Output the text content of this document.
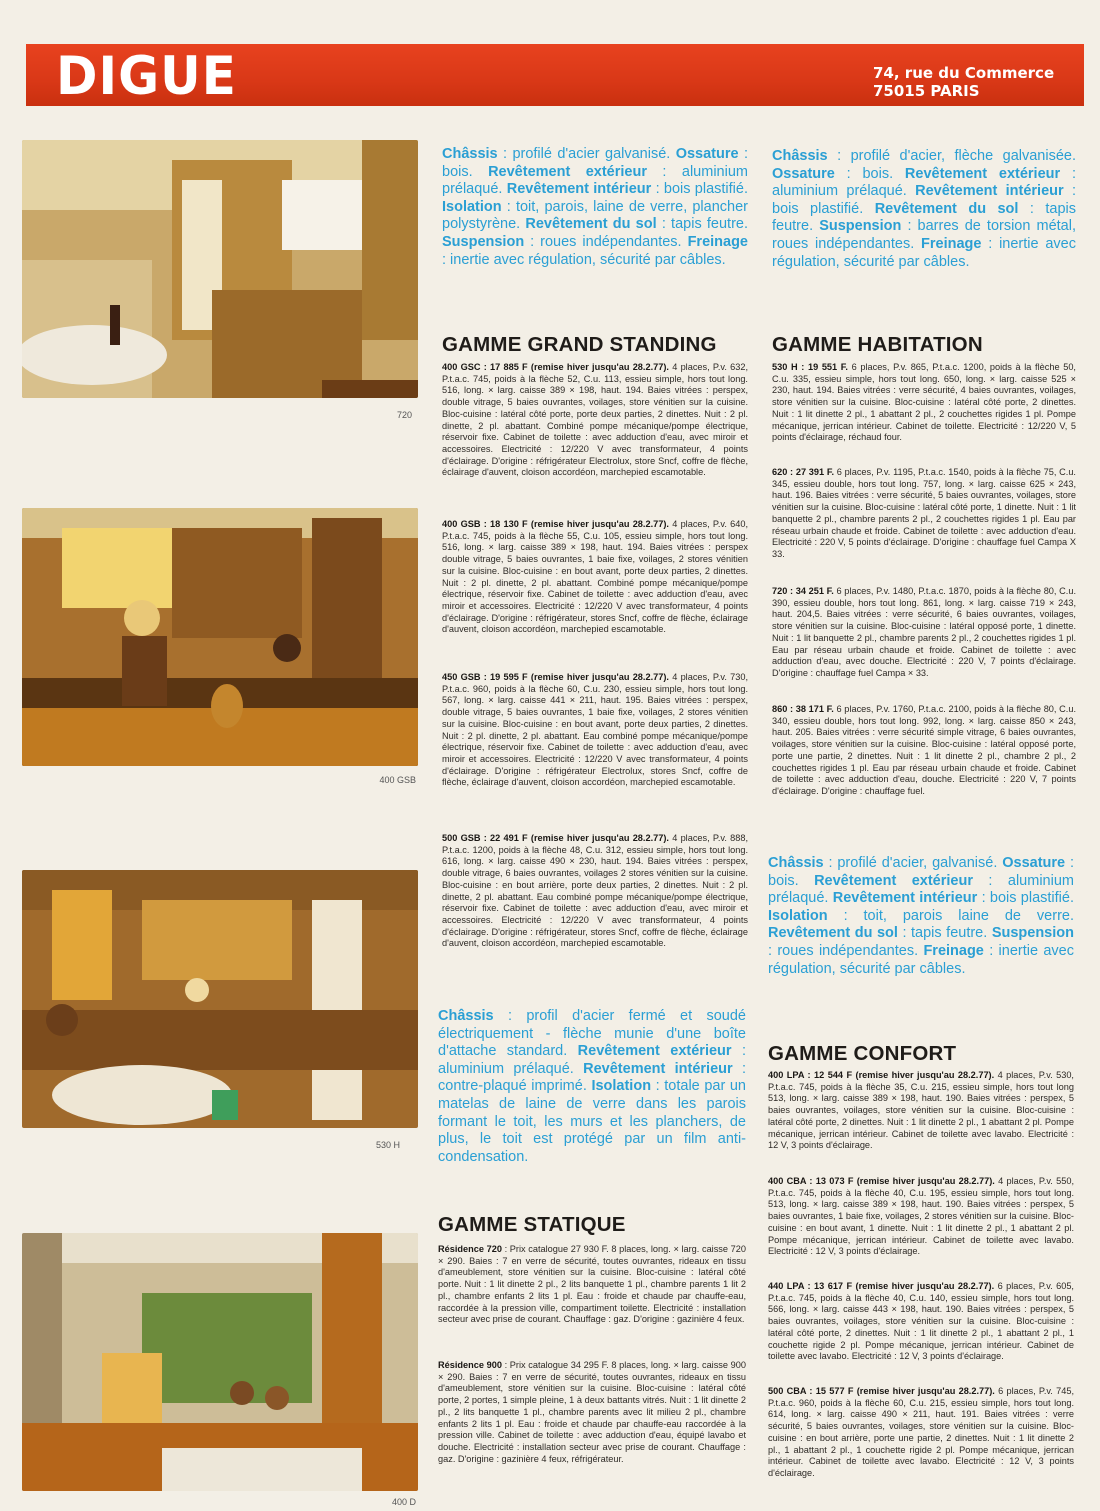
DIGUE	74, rue du Commerce
75015 PARIS
720
400 GSB
530 H
400 D
Châssis : profilé d'acier galvanisé. Ossature : bois. Revêtement extérieur : aluminium prélaqué. Revêtement intérieur : bois plastifié. Isolation : toit, parois, laine de verre, plancher polystyrène. Revêtement du sol : tapis feutre. Suspension : roues indépendantes. Freinage : inertie avec régulation, sécurité par câbles.
Châssis : profilé d'acier, flèche galvanisée. Ossature : bois. Revêtement extérieur : aluminium prélaqué. Revêtement intérieur : bois plastifié. Revêtement du sol : tapis feutre. Suspension : barres de torsion métal, roues indépendantes. Freinage : inertie avec régulation, sécurité par câbles.
GAMME GRAND STANDING	GAMME HABITATION
400 GSC : 17 885 F (remise hiver jusqu'au 28.2.77). 4 places, P.v. 632, P.t.a.c. 745, poids à la flèche 52, C.u. 113, essieu simple, hors tout long. 516, long. × larg. caisse 389 × 198, haut. 194. Baies vitrées : perspex, double vitrage, 5 baies ouvrantes, voilages, store vénitien sur la cuisine. Bloc-cuisine : latéral côté porte, porte deux parties, 2 dinettes. Nuit : 2 pl. dinette, 2 pl. abattant. Combiné pompe mécanique/pompe électrique, réservoir fixe. Cabinet de toilette : avec adduction d'eau, avec miroir et accessoires. Electricité : 12/220 V avec transformateur, 4 points d'éclairage. D'origine : réfrigérateur Electrolux, store Sncf, coffre de flèche, éclairage d'auvent, cloison accordéon, marchepied escamotable.
400 GSB : 18 130 F (remise hiver jusqu'au 28.2.77). 4 places, P.v. 640, P.t.a.c. 745, poids à la flèche 55, C.u. 105, essieu simple, hors tout long. 516, long. × larg. caisse 389 × 198, haut. 194. Baies vitrées : perspex double vitrage, 5 baies ouvrantes, 1 baie fixe, voilages, 2 stores vénitien sur la cuisine. Bloc-cuisine : en bout avant, porte deux parties, 2 dinettes. Nuit : 2 pl. dinette, 2 pl. abattant. Combiné pompe mécanique/pompe électrique, réservoir fixe. Cabinet de toilette : avec adduction d'eau, avec miroir et accessoires. Electricité : 12/220 V avec transformateur, 4 points d'éclairage. D'origine : réfrigérateur, stores Sncf, coffre de flèche, éclairage d'auvent, cloison accordéon, marchepied escamotable.
450 GSB : 19 595 F (remise hiver jusqu'au 28.2.77). 4 places, P.v. 730, P.t.a.c. 960, poids à la flèche 60, C.u. 230, essieu simple, hors tout long. 567, long. × larg. caisse 441 × 211, haut. 195. Baies vitrées : perspex, double vitrage, 5 baies ouvrantes, 1 baie fixe, voilages, 2 stores vénitien sur la cuisine. Bloc-cuisine : en bout avant, porte deux parties, 2 dinettes. Nuit : 2 pl. dinette, 2 pl. abattant. Eau combiné pompe mécanique/pompe électrique, réservoir fixe. Cabinet de toilette : avec adduction d'eau, avec miroir et accessoires. Electricité : 12/220 V avec transformateur, 4 points d'éclairage. D'origine : réfrigérateur Electrolux, stores Sncf, coffre de flèche, éclairage d'auvent, cloison accordéon, marchepied escamotable.
500 GSB : 22 491 F (remise hiver jusqu'au 28.2.77). 4 places, P.v. 888, P.t.a.c. 1200, poids à la flèche 48, C.u. 312, essieu simple, hors tout long. 616, long. × larg. caisse 490 × 230, haut. 194. Baies vitrées : perspex, double vitrage, 6 baies ouvrantes, voilages 2 stores vénitien sur la cuisine. Bloc-cuisine : en bout arrière, porte deux parties, 2 dinettes. Nuit : 2 pl. dinette, 2 pl. abattant. Eau combiné pompe mécanique/pompe électrique, réservoir fixe. Cabinet de toilette : avec adduction d'eau, avec miroir et accessoires. Electricité : 12/220 V avec transformateur, 4 points d'éclairage. D'origine : réfrigérateur, stores Sncf, coffre de flèche, éclairage d'auvent, cloison accordéon, marchepied escamotable.
530 H : 19 551 F. 6 places, P.v. 865, P.t.a.c. 1200, poids à la flèche 50, C.u. 335, essieu simple, hors tout long. 650, long. × larg. caisse 525 × 230, haut. 194. Baies vitrées : verre sécurité, 4 baies ouvrantes, voilages, store vénitien sur la cuisine. Bloc-cuisine : latéral côté porte, 2 dinettes. Nuit : 1 lit dinette 2 pl., 1 abattant 2 pl., 2 couchettes rigides 1 pl. Pompe mécanique, jerrican intérieur. Cabinet de toilette. Electricité : 12/220 V, 5 points d'éclairage, réchaud four.
620 : 27 391 F. 6 places, P.v. 1195, P.t.a.c. 1540, poids à la flèche 75, C.u. 345, essieu double, hors tout long. 757, long. × larg. caisse 625 × 243, haut. 196. Baies vitrées : verre sécurité, 5 baies ouvrantes, voilages, store vénitien sur la cuisine. Bloc-cuisine : latéral côté porte, 1 dinette. Nuit : 1 lit banquette 2 pl., chambre parents 2 pl., 2 couchettes rigides 1 pl. Eau par réseau urbain chaude et froide. Cabinet de toilette : avec adduction d'eau. Electricité : 220 V, 5 points d'éclairage. D'origine : chauffage fuel Campa X 33.
720 : 34 251 F. 6 places, P.v. 1480, P.t.a.c. 1870, poids à la flèche 80, C.u. 390, essieu double, hors tout long. 861, long. × larg. caisse 719 × 243, haut. 204,5. Baies vitrées : verre sécurité, 6 baies ouvrantes, voilages, store vénitien sur la cuisine. Bloc-cuisine : latéral opposé porte, 1 dinette. Nuit : 1 lit banquette 2 pl., chambre parents 2 pl., 2 couchettes rigides 1 pl. Eau par réseau urbain chaude et froide. Cabinet de toilette : avec adduction d'eau, avec douche. Electricité : 220 V, 7 points d'éclairage. D'origine : chauffage fuel Campa × 33.
860 : 38 171 F. 6 places, P.v. 1760, P.t.a.c. 2100, poids à la flèche 80, C.u. 340, essieu double, hors tout long. 992, long. × larg. caisse 850 × 243, haut. 205. Baies vitrées : verre sécurité simple vitrage, 6 baies ouvrantes, voilages, store vénitien sur la cuisine. Bloc-cuisine : latéral opposé porte, porte une partie, 2 dinettes. Nuit : 1 lit dinette 2 pl., chambre 2 pl., 2 couchettes rigides 1 pl. Eau par réseau urbain chaude et froide. Cabinet de toilette : avec adduction d'eau, douche. Electricité : 220 V, 7 points d'éclairage. D'origine : chauffage fuel.
Châssis : profilé d'acier, galvanisé. Ossature : bois. Revêtement extérieur : aluminium prélaqué. Revêtement intérieur : bois plastifié. Isolation : toit, parois laine de verre. Revêtement du sol : tapis feutre. Suspension : roues indépendantes. Freinage : inertie avec régulation, sécurité par câbles.
Châssis : profil d'acier fermé et soudé électriquement - flèche munie d'une boîte d'attache standard. Revêtement extérieur : aluminium prélaqué. Revêtement intérieur : contre-plaqué imprimé. Isolation : totale par un matelas de laine de verre dans les parois formant le toit, les murs et les planchers, de plus, le toit est protégé par un film anti-condensation.
GAMME CONFORT
GAMME STATIQUE
400 LPA : 12 544 F (remise hiver jusqu'au 28.2.77). 4 places, P.v. 530, P.t.a.c. 745, poids à la flèche 35, C.u. 215, essieu simple, hors tout long 513, long. × larg. caisse 389 × 198, haut. 190. Baies vitrées : perspex, 5 baies ouvrantes, voilages, store vénitien sur la cuisine. Bloc-cuisine : latéral côté porte, 2 dinettes. Nuit : 1 lit dinette 2 pl., 1 abattant 2 pl. Pompe mécanique, jerrican intérieur. Cabinet de toilette avec lavabo. Electricité : 12 V, 3 points d'éclairage.
400 CBA : 13 073 F (remise hiver jusqu'au 28.2.77). 4 places, P.v. 550, P.t.a.c. 745, poids à la flèche 40, C.u. 195, essieu simple, hors tout long. 513, long. × larg. caisse 389 × 198, haut. 190. Baies vitrées : perspex, 5 baies ouvrantes, 1 baie fixe, voilages, 2 stores vénitien sur la cuisine. Bloc-cuisine : en bout avant, 1 dinette. Nuit : 1 lit dinette 2 pl., 1 abattant 2 pl. Pompe mécanique, jerrican intérieur. Cabinet de toilette avec lavabo. Electricité : 12 V, 3 points d'éclairage.
440 LPA : 13 617 F (remise hiver jusqu'au 28.2.77). 6 places, P.v. 605, P.t.a.c. 745, poids à la flèche 40, C.u. 140, essieu simple, hors tout long. 566, long. × larg. caisse 443 × 198, haut. 190. Baies vitrées : perspex, 5 baies ouvrantes, voilages, store vénitien sur la cuisine. Bloc-cuisine : latéral côté porte, 2 dinettes. Nuit : 1 lit dinette 2 pl., 1 abattant 2 pl., 1 couchette rigide 2 pl. Pompe mécanique, jerrican intérieur. Cabinet de toilette avec lavabo. Electricité : 12 V, 3 points d'éclairage.
500 CBA : 15 577 F (remise hiver jusqu'au 28.2.77). 6 places, P.v. 745, P.t.a.c. 960, poids à la flèche 60, C.u. 215, essieu simple, hors tout long. 614, long. × larg. caisse 490 × 211, haut. 191. Baies vitrées : verre sécurité, 5 baies ouvrantes, voilages, store vénitien sur la cuisine. Bloc-cuisine : en bout arrière, porte une partie, 2 dinettes. Nuit : 1 lit dinette 2 pl., 1 abattant 2 pl., 1 couchette rigide 2 pl. Pompe mécanique, jerrican intérieur. Cabinet de toilette avec lavabo. Electricité : 12 V, 3 points d'éclairage.
Résidence 720 : Prix catalogue 27 930 F. 8 places, long. × larg. caisse 720 × 290. Baies : 7 en verre de sécurité, toutes ouvrantes, rideaux en tissu d'ameublement, store vénitien sur la cuisine. Bloc-cuisine : latéral côté porte. Nuit : 1 lit dinette 2 pl., 2 lits banquette 1 pl., chambre parents 1 lit 2 pl., chambre enfants 2 lits 1 pl. Eau : froide et chaude par chauffe-eau, raccordée à la pression ville, compartiment toilette. Electricité : installation secteur avec prise de courant. Chauffage : gaz. D'origine : gazinière 4 feux.
Résidence 900 : Prix catalogue 34 295 F. 8 places, long. × larg. caisse 900 × 290. Baies : 7 en verre de sécurité, toutes ouvrantes, rideaux en tissu d'ameublement, store vénitien sur la cuisine. Bloc-cuisine : latéral côté porte, 2 portes, 1 simple pleine, 1 à deux battants vitrés. Nuit : 1 lit dinette 2 pl., 2 lits banquette 1 pl., chambre parents avec lit milieu 2 pl., chambre enfants 2 lits 1 pl. Eau : froide et chaude par chauffe-eau raccordée à la pression ville. Cabinet de toilette : avec adduction d'eau, équipé lavabo et douche. Electricité : installation secteur avec prise de courant. Chauffage : gaz. D'origine : gazinière 4 feux, réfrigérateur.
